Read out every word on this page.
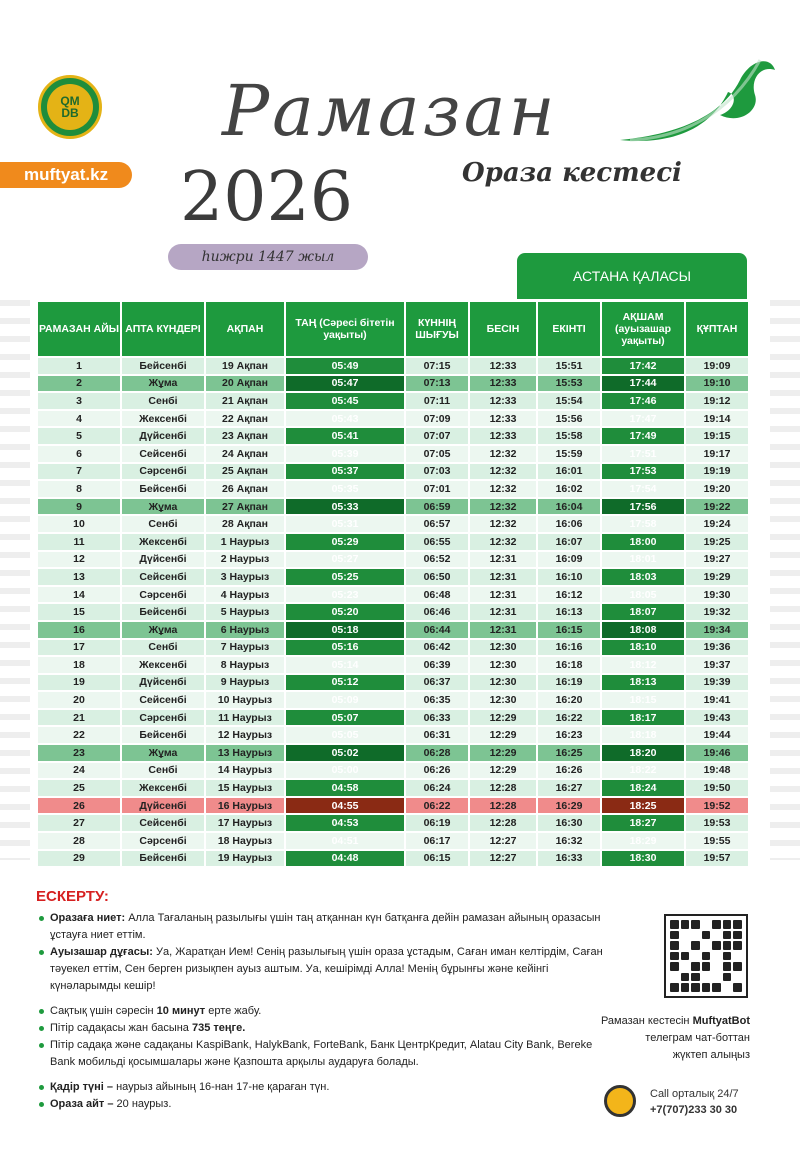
QM
DB
muftyat.kz
Рамазан
2026	Ораза кестесі
һижри 1447 жыл
АСТАНА ҚАЛАСЫ
РАМАЗАН АЙЫ	АПТА КҮНДЕРІ	АҚПАН	ТАҢ (Сәресі бітетін уақыты)	КҮННІҢ ШЫҒУЫ	БЕСІН	ЕКІНТІ	АҚШАМ (ауызашар уақыты)	ҚҰПТАН
1	Бейсенбі	19 Ақпан	05:49	07:15	12:33	15:51	17:42	19:09
2	Жұма	20 Ақпан	05:47	07:13	12:33	15:53	17:44	19:10
3	Сенбі	21 Ақпан	05:45	07:11	12:33	15:54	17:46	19:12
4	Жексенбі	22 Ақпан	05:43	07:09	12:33	15:56	17:47	19:14
5	Дүйсенбі	23 Ақпан	05:41	07:07	12:33	15:58	17:49	19:15
6	Сейсенбі	24 Ақпан	05:39	07:05	12:32	15:59	17:51	19:17
7	Сәрсенбі	25 Ақпан	05:37	07:03	12:32	16:01	17:53	19:19
8	Бейсенбі	26 Ақпан	05:35	07:01	12:32	16:02	17:54	19:20
9	Жұма	27 Ақпан	05:33	06:59	12:32	16:04	17:56	19:22
10	Сенбі	28 Ақпан	05:31	06:57	12:32	16:06	17:58	19:24
11	Жексенбі	1 Наурыз	05:29	06:55	12:32	16:07	18:00	19:25
12	Дүйсенбі	2 Наурыз	05:27	06:52	12:31	16:09	18:01	19:27
13	Сейсенбі	3 Наурыз	05:25	06:50	12:31	16:10	18:03	19:29
14	Сәрсенбі	4 Наурыз	05:23	06:48	12:31	16:12	18:05	19:30
15	Бейсенбі	5 Наурыз	05:20	06:46	12:31	16:13	18:07	19:32
16	Жұма	6 Наурыз	05:18	06:44	12:31	16:15	18:08	19:34
17	Сенбі	7 Наурыз	05:16	06:42	12:30	16:16	18:10	19:36
18	Жексенбі	8 Наурыз	05:14	06:39	12:30	16:18	18:12	19:37
19	Дүйсенбі	9 Наурыз	05:12	06:37	12:30	16:19	18:13	19:39
20	Сейсенбі	10 Наурыз	05:09	06:35	12:30	16:20	18:15	19:41
21	Сәрсенбі	11 Наурыз	05:07	06:33	12:29	16:22	18:17	19:43
22	Бейсенбі	12 Наурыз	05:05	06:31	12:29	16:23	18:18	19:44
23	Жұма	13 Наурыз	05:02	06:28	12:29	16:25	18:20	19:46
24	Сенбі	14 Наурыз	05:00	06:26	12:29	16:26	18:22	19:48
25	Жексенбі	15 Наурыз	04:58	06:24	12:28	16:27	18:24	19:50
26	Дүйсенбі	16 Наурыз	04:55	06:22	12:28	16:29	18:25	19:52
27	Сейсенбі	17 Наурыз	04:53	06:19	12:28	16:30	18:27	19:53
28	Сәрсенбі	18 Наурыз	04:51	06:17	12:27	16:32	18:29	19:55
29	Бейсенбі	19 Наурыз	04:48	06:15	12:27	16:33	18:30	19:57
ЕСКЕРТУ:
Оразаға ниет: Алла Тағаланың разылығы үшін таң атқаннан күн батқанға дейін рамазан айының оразасын ұстауға ниет еттім.
Ауызашар дұғасы: Уа, Жаратқан Ием! Сенің разылығың үшін ораза ұстадым, Саған иман келтірдім, Саған тәуекел еттім, Сен берген ризықпен ауыз аштым. Уа, кешірімді Алла! Менің бұрынғы және кейінгі күнәларымды кешір!
Сақтық үшін сәресін 10 минут ерте жабу.
Пітір садақасы жан басына 735 теңге.
Пітір садақа және садақаны KaspiBank, HalykBank, ForteBank, Банк ЦентрКредит, Alatau City Bank, Bereke Bank мобильді қосымшалары және Қазпошта арқылы аударуға болады.
Қадір түні – наурыз айының 16-нан 17-не қараған түн.
Ораза айт – 20 наурыз.
Рамазан кестесін MuftyatBot
телеграм чат-боттан
жүктеп алыңыз
Call орталық 24/7
+7(707)233 30 30
